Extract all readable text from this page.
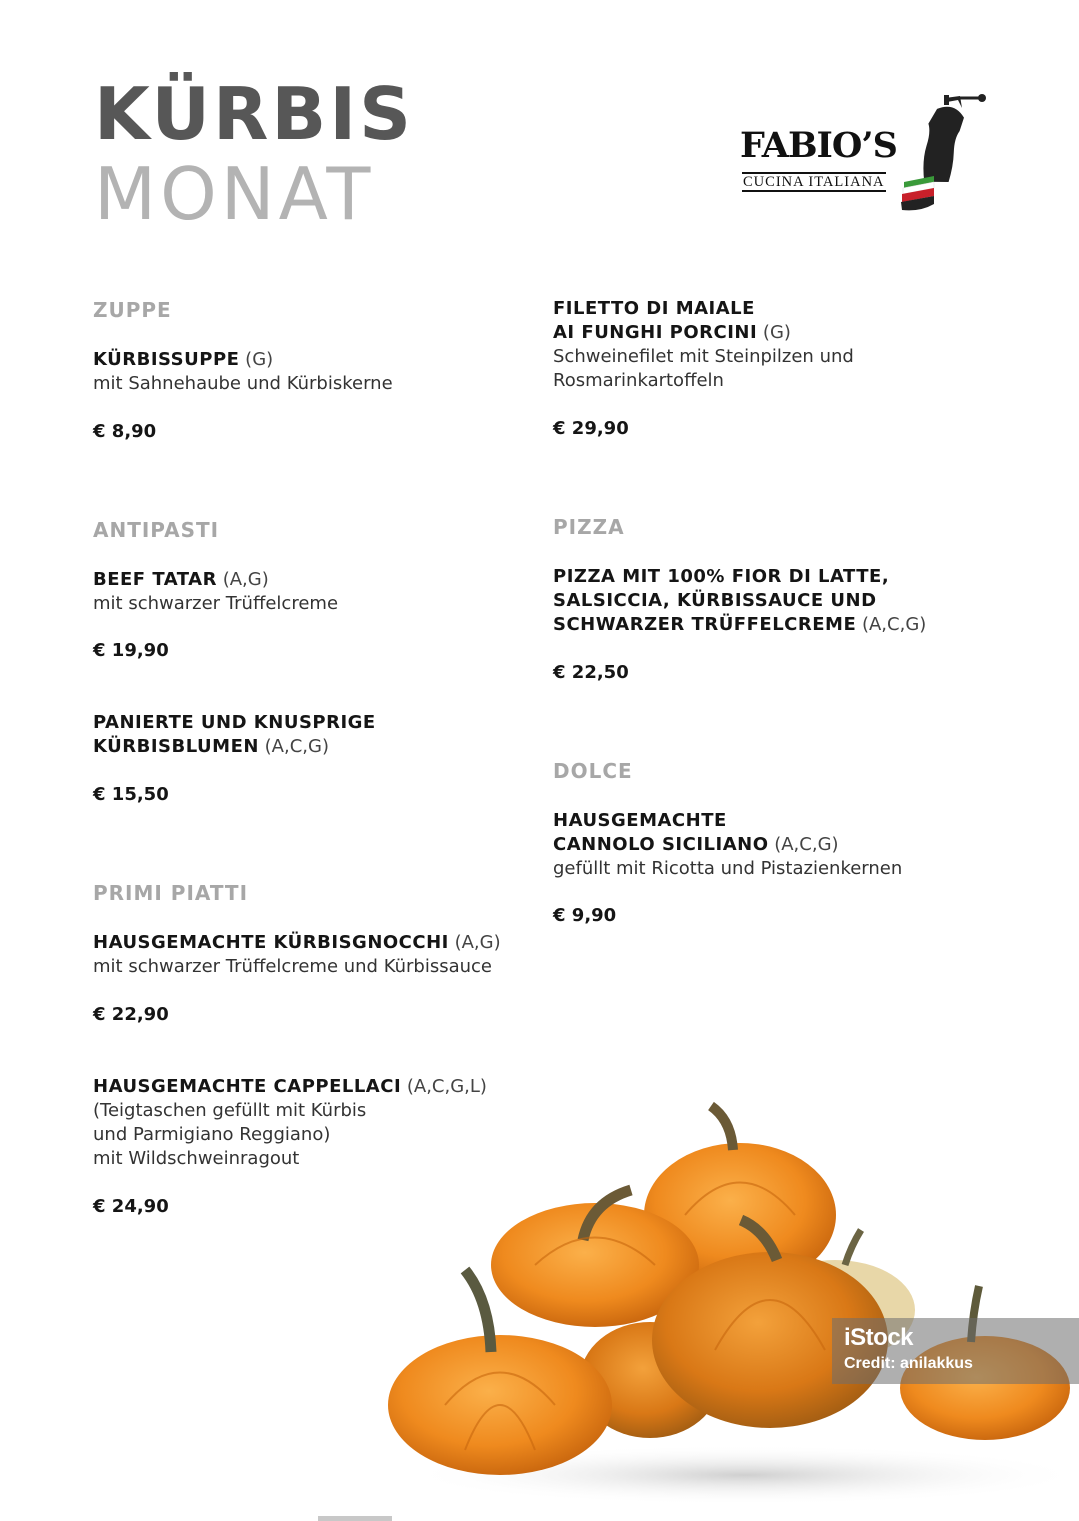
KÜRBIS
MONAT
FABIO’S
CUCINA ITALIANA
ZUPPE
KÜRBISSUPPE (G)
mit Sahnehaube und Kürbiskerne
€ 8,90
ANTIPASTI
BEEF TATAR (A,G)
mit schwarzer Trüffelcreme
€ 19,90
PANIERTE UND KNUSPRIGE
KÜRBISBLUMEN (A,C,G)
€ 15,50
PRIMI PIATTI
HAUSGEMACHTE KÜRBISGNOCCHI (A,G)
mit schwarzer Trüffelcreme und Kürbissauce
€ 22,90
HAUSGEMACHTE CAPPELLACI (A,C,G,L)
(Teigtaschen gefüllt mit Kürbis
und Parmigiano Reggiano)
mit Wildschweinragout
€ 24,90
FILETTO DI MAIALE
AI FUNGHI PORCINI (G)
Schweinefilet mit Steinpilzen und
Rosmarinkartoffeln
€ 29,90
PIZZA
PIZZA MIT 100% FIOR DI LATTE,
SALSICCIA, KÜRBISSAUCE UND
SCHWARZER TRÜFFELCREME (A,C,G)
€ 22,50
DOLCE
HAUSGEMACHTE
CANNOLO SICILIANO (A,C,G)
gefüllt mit Ricotta und Pistazienkernen
€ 9,90
iStock
Credit: anilakkus
